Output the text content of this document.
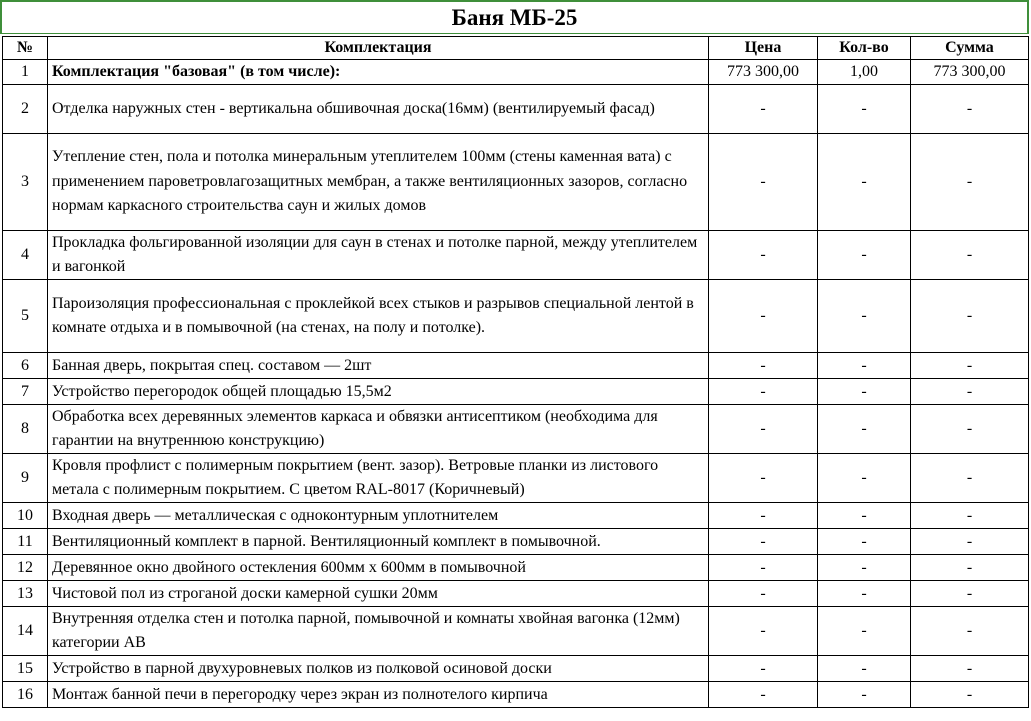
Баня МБ-25
№	Комплектация	Цена	Кол-во	Сумма
1	Комплектация "базовая" (в том числе):	773 300,00	1,00	773 300,00
2	Отделка наружных стен - вертикальна обшивочная доска(16мм) (вентилируемый фасад)	-	-	-
3	Утепление стен, пола и потолка минеральным утеплителем 100мм (стены каменная вата) с применением пароветровлагозащитных мембран, а также вентиляционных зазоров, согласно нормам каркасного строительства саун и жилых домов	-	-	-
4	Прокладка фольгированной изоляции для саун в стенах и потолке парной, между утеплителем и вагонкой	-	-	-
5	Пароизоляция профессиональная с проклейкой всех стыков и разрывов специальной лентой в комнате отдыха и в помывочной (на стенах, на полу и потолке).	-	-	-
6	Банная дверь, покрытая спец. составом — 2шт	-	-	-
7	Устройство перегородок общей площадью 15,5м2	-	-	-
8	Обработка всех деревянных элементов каркаса и обвязки антисептиком (необходима для гарантии на внутреннюю конструкцию)	-	-	-
9	Кровля профлист с полимерным покрытием (вент. зазор). Ветровые планки из листового метала с полимерным покрытием. С цветом RAL-8017 (Коричневый)	-	-	-
10	Входная дверь — металлическая с одноконтурным уплотнителем	-	-	-
11	Вентиляционный комплект в парной. Вентиляционный комплект в помывочной.	-	-	-
12	Деревянное окно двойного остекления 600мм х 600мм в помывочной	-	-	-
13	Чистовой пол из строганой доски камерной сушки 20мм	-	-	-
14	Внутренняя отделка стен и потолка парной, помывочной и комнаты хвойная вагонка (12мм) категории АВ	-	-	-
15	Устройство в парной двухуровневых полков из полковой осиновой доски	-	-	-
16	Монтаж банной печи в перегородку через экран из полнотелого кирпича	-	-	-
